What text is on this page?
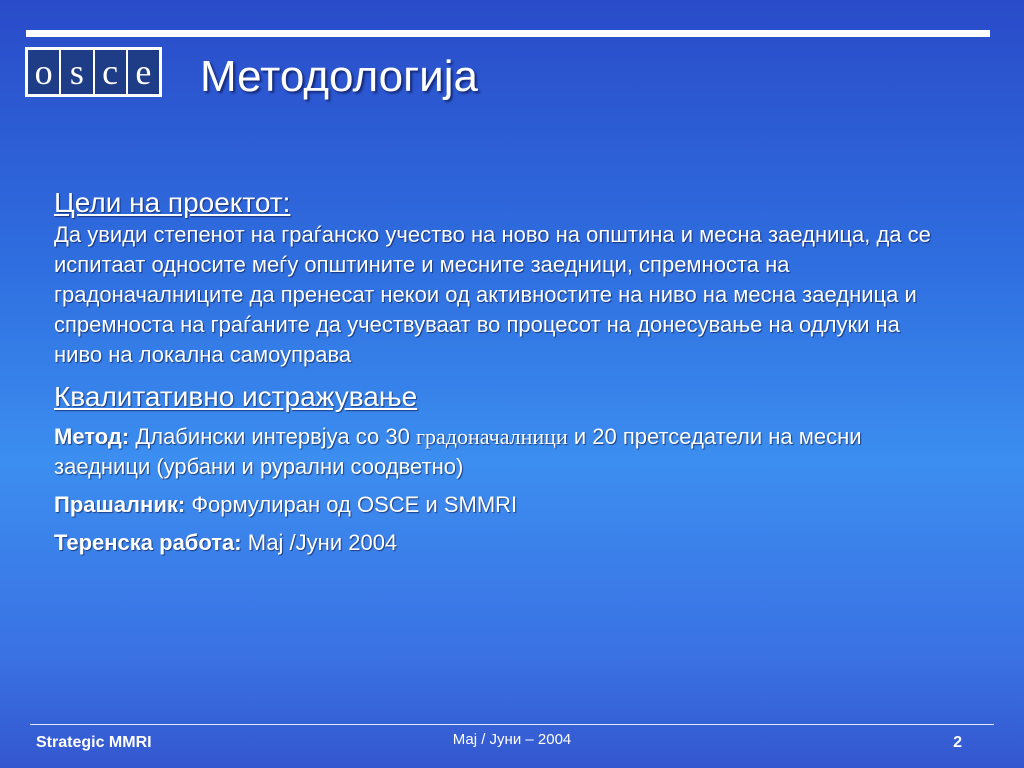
o s c e Методологија
Цели на проектот:

Да увиди степенот на граѓанско учество на ново на општина и месна заедница, да се испитаат односите меѓу општините и месните заедници, спремноста на градоначалниците да пренесат некои од активностите на ниво на месна заедница и спремноста на граѓаните да учествуваат во процесот на донесување на одлуки на ниво на локална самоуправа

Квалитативно истражување
Метод: Длабински интервјуа со 30 градоначалници и 20 претседатели на месни заедници (урбани и рурални соодветно)
Прашалник: Формулиран од OSCE и SMMRI
Теренска работа: Мај /Јуни 2004
Strategic MMRI	Мај / Јуни – 2004	2
